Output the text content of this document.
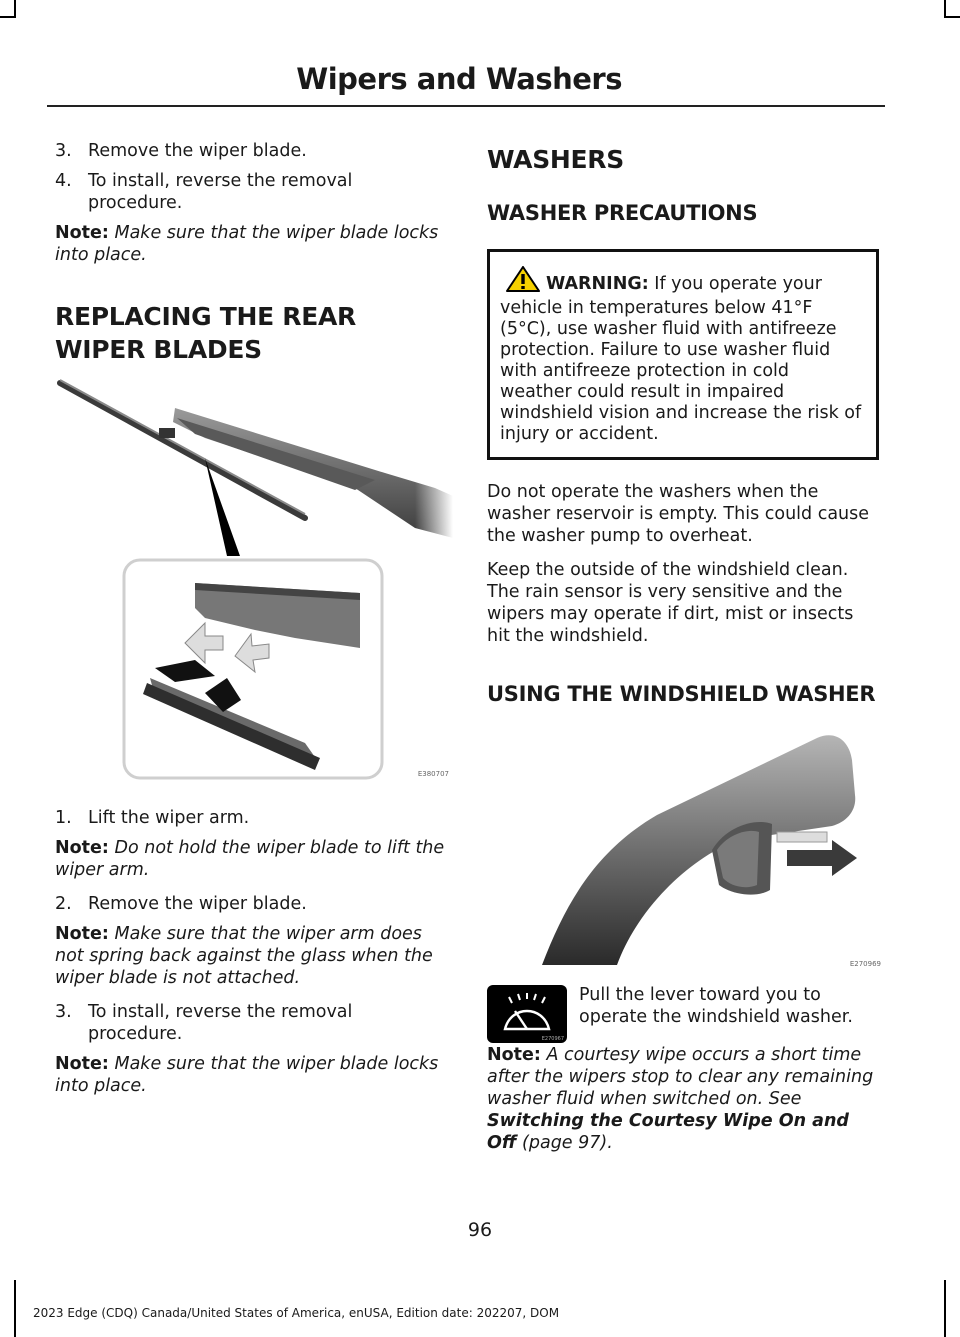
Wipers and Washers
3. Remove the wiper blade.
4. To install, reverse the removal procedure.
Note: Make sure that the wiper blade locks into place.
REPLACING THE REAR WIPER BLADES
E380707
1. Lift the wiper arm.
Note: Do not hold the wiper blade to lift the wiper arm.
2. Remove the wiper blade.
Note: Make sure that the wiper arm does not spring back against the glass when the wiper blade is not attached.
3. To install, reverse the removal procedure.
Note: Make sure that the wiper blade locks into place.
WASHERS
WASHER PRECAUTIONS
WARNING: If you operate your vehicle in temperatures below 41°F (5°C), use washer fluid with antifreeze protection. Failure to use washer fluid with antifreeze protection in cold weather could result in impaired windshield vision and increase the risk of injury or accident.
Do not operate the washers when the washer reservoir is empty. This could cause the washer pump to overheat.
Keep the outside of the windshield clean. The rain sensor is very sensitive and the wipers may operate if dirt, mist or insects hit the windshield.
USING THE WINDSHIELD WASHER
E270969
E270967
Pull the lever toward you to operate the windshield washer.
Note: A courtesy wipe occurs a short time after the wipers stop to clear any remaining washer fluid when switched on. See Switching the Courtesy Wipe On and Off (page 97).
96
2023 Edge (CDQ) Canada/United States of America, enUSA, Edition date: 202207, DOM
